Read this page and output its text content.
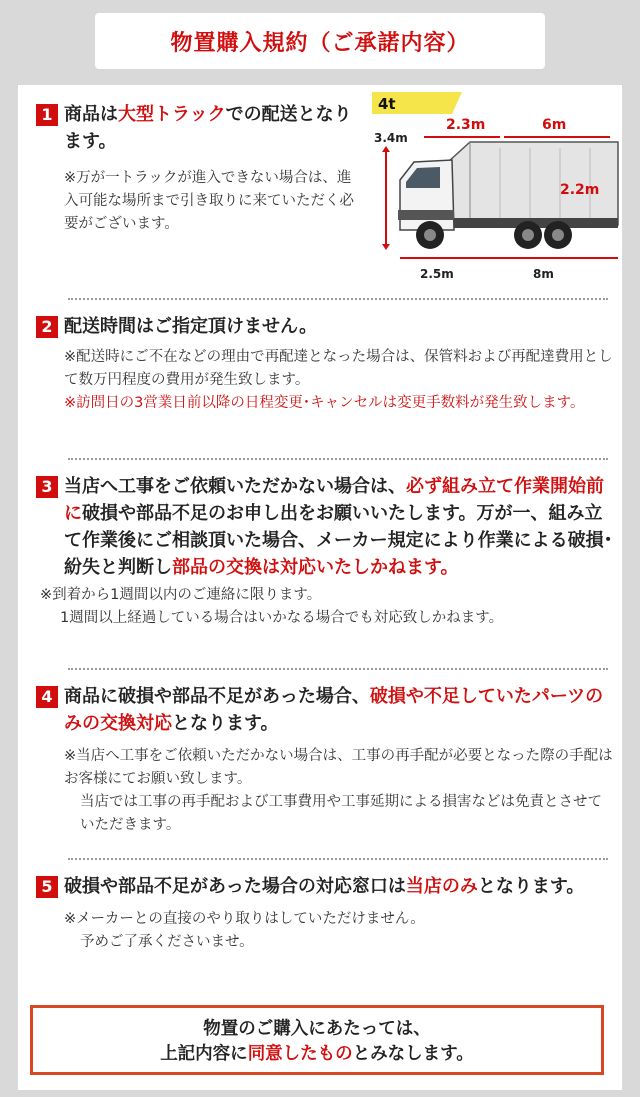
物置購入規約（ご承諾内容）
1 商品は大型トラックでの配送となります。

※万が一トラックが進入できない場合は、進入可能な場所まで引き取りに来ていただく必要がございます。

4t
3.4m
2.3m	6m
2.2m
2.5m	8m
2 配送時間はご指定頂けません。

※配送時にご不在などの理由で再配達となった場合は、保管料および再配達費用として数万円程度の費用が発生致します。

※訪問日の3営業日前以降の日程変更･キャンセルは変更手数料が発生致します。

3 当店へ工事をご依頼いただかない場合は、必ず組み立て作業開始前に破損や部品不足のお申し出をお願いいたします。万が一、組み立て作業後にご相談頂いた場合、メーカー規定により作業による破損･紛失と判断し部品の交換は対応いたしかねます。

※到着から1週間以内のご連絡に限ります。

1週間以上経過している場合はいかなる場合でも対応致しかねます。

4 商品に破損や部品不足があった場合、破損や不足していたパーツのみの交換対応となります。

※当店へ工事をご依頼いただかない場合は、工事の再手配が必要となった際の手配はお客様にてお願い致します。

当店では工事の再手配および工事費用や工事延期による損害などは免責とさせていただきます。

5 破損や部品不足があった場合の対応窓口は当店のみとなります。

※メーカーとの直接のやり取りはしていただけません。

予めご了承くださいませ。

物置のご購入にあたっては、
上記内容に同意したものとみなします。
